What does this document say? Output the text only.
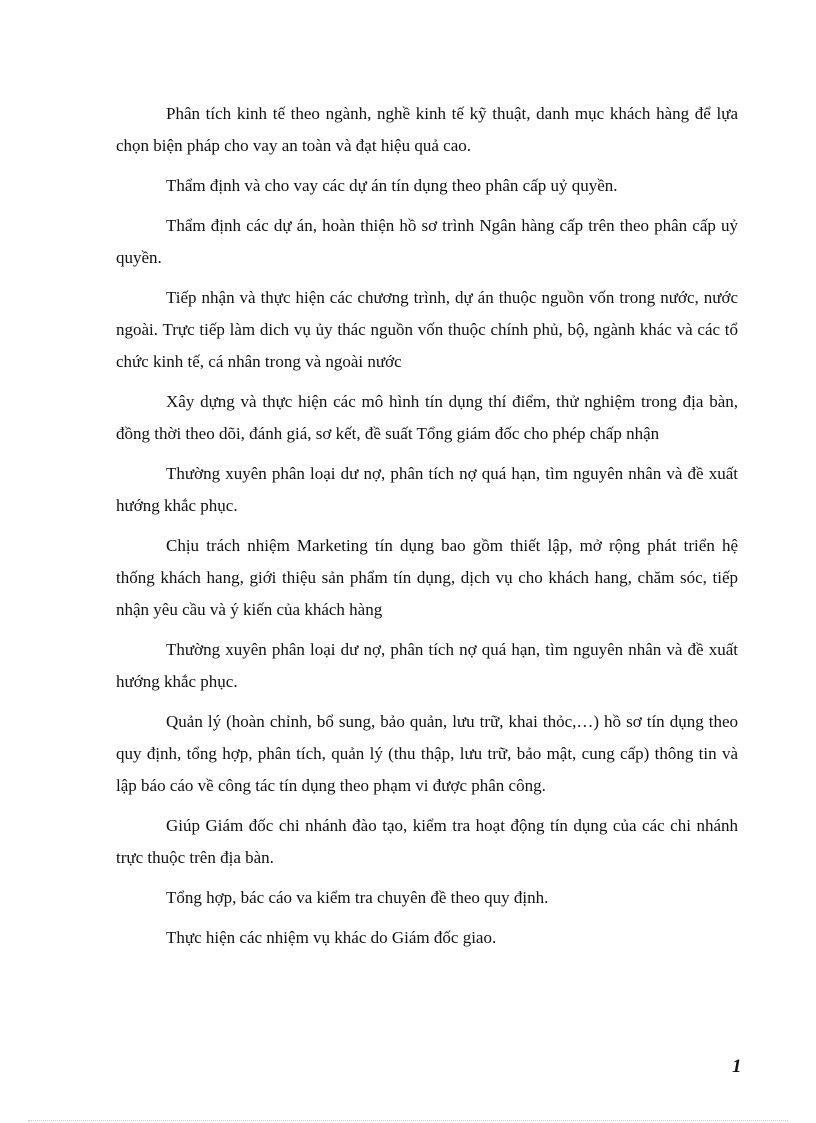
Phân tích kinh tế theo ngành, nghề kinh tế kỹ thuật, danh mục khách hàng để lựa chọn biện pháp cho vay an toàn và đạt hiệu quả cao.

Thẩm định và cho vay các dự án tín dụng theo phân cấp uỷ quyền.

Thẩm định các dự án, hoàn thiện hồ sơ trình Ngân hàng cấp trên theo phân cấp uỷ quyền.

Tiếp nhận và thực hiện các chương trình, dự án thuộc nguồn vốn trong nước, nước ngoài. Trực tiếp làm dich vụ ủy thác nguồn vốn thuộc chính phủ, bộ, ngành khác và các tổ chức kinh tế, cá nhân trong và ngoài nước

Xây dựng và thực hiện các mô hình tín dụng thí điểm, thử nghiệm trong địa bàn, đồng thời theo dõi, đánh giá, sơ kết, đề suất Tổng giám đốc cho phép chấp nhận

Thường xuyên phân loại dư nợ, phân tích nợ quá hạn, tìm nguyên nhân và đề xuất hướng khắc phục.

Chịu trách nhiệm Marketing tín dụng bao gồm thiết lập, mở rộng phát triển hệ thống khách hang, giới thiệu sản phẩm tín dụng, dịch vụ cho khách hang, chăm sóc, tiếp nhận yêu cầu và ý kiến của khách hàng

Thường xuyên phân loại dư nợ, phân tích nợ quá hạn, tìm nguyên nhân và đề xuất hướng khắc phục.

Quản lý (hoàn chỉnh, bổ sung, bảo quản, lưu trữ, khai thỏc,…) hồ sơ tín dụng theo quy định, tổng hợp, phân tích, quản lý (thu thập, lưu trữ, bảo mật, cung cấp) thông tin và lập báo cáo về công tác tín dụng theo phạm vi được phân công.

Giúp Giám đốc chi nhánh đào tạo, kiểm tra hoạt động tín dụng của các chi nhánh trực thuộc trên địa bàn.

Tổng hợp, bác cáo va kiểm tra chuyên đề theo quy định.

Thực hiện các nhiệm vụ khác do Giám đốc giao.

1
